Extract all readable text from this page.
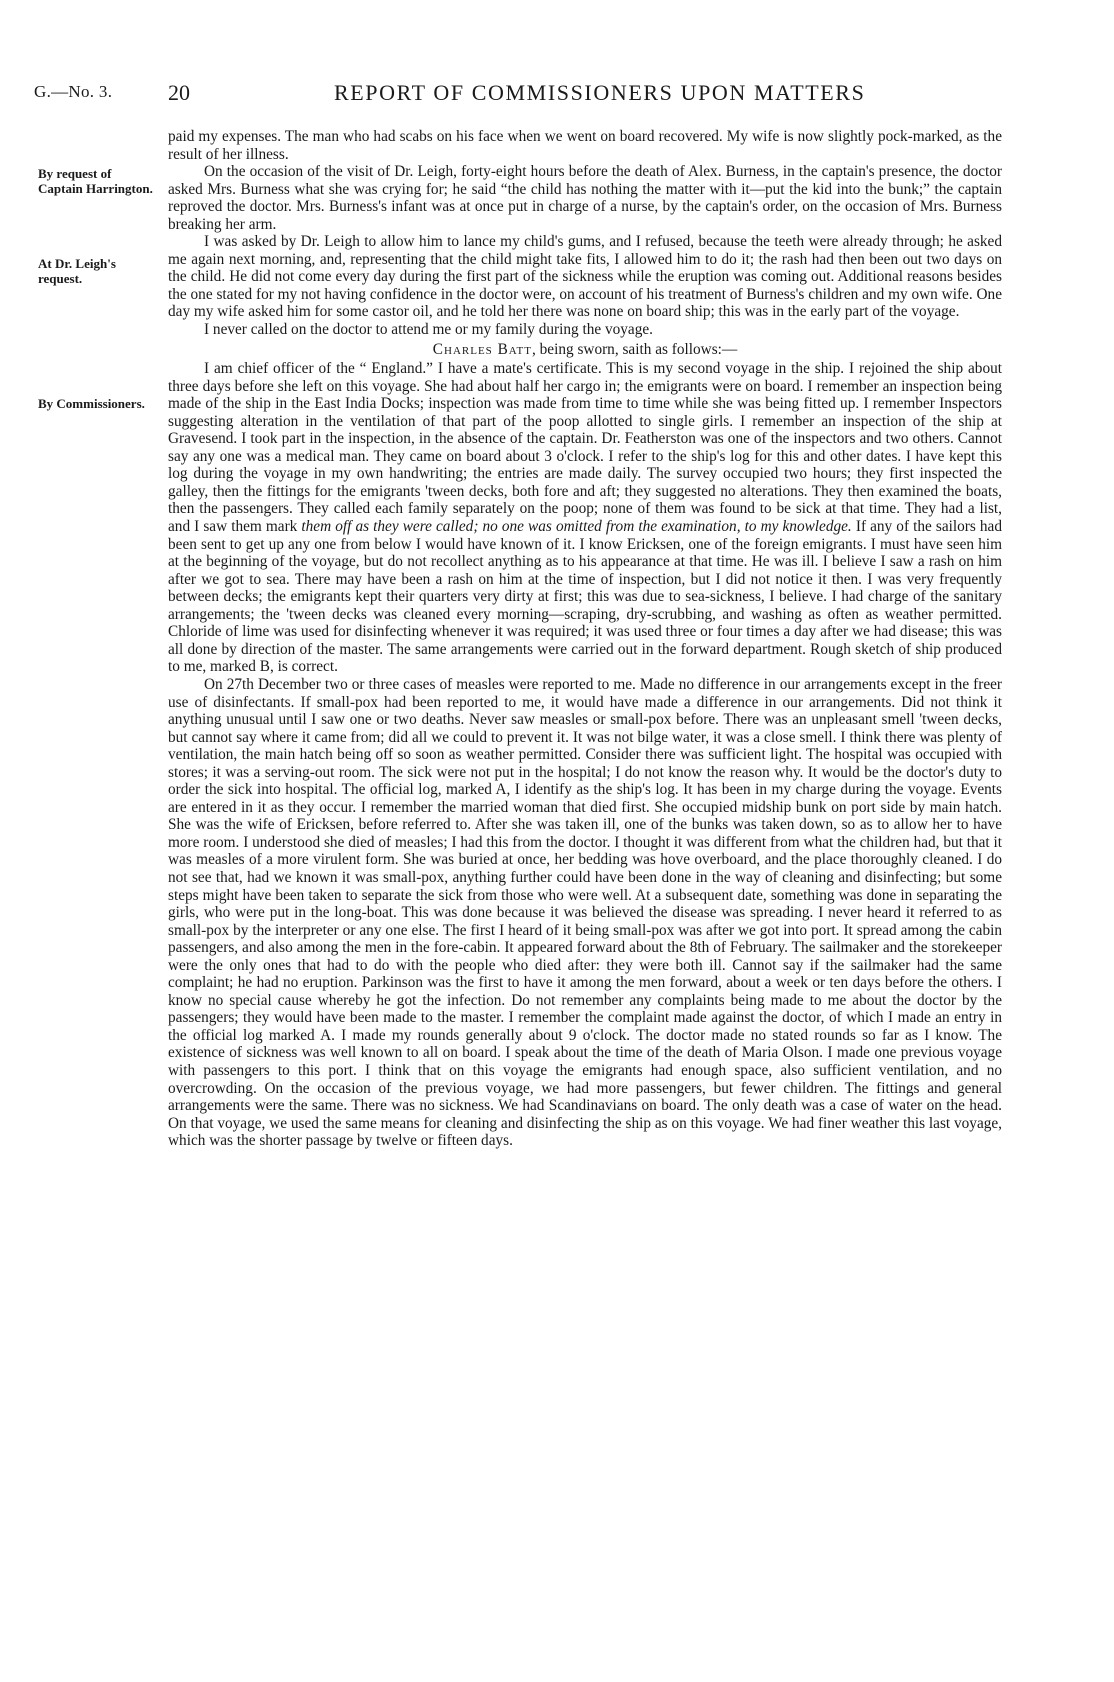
G.—No. 3.	20	REPORT OF COMMISSIONERS UPON MATTERS
By request of Captain Harrington.
At Dr. Leigh's request.
By Commissioners.

paid my expenses. The man who had scabs on his face when we went on board recovered. My wife is now slightly pock-marked, as the result of her illness.

On the occasion of the visit of Dr. Leigh, forty-eight hours before the death of Alex. Burness, in the captain's presence, the doctor asked Mrs. Burness what she was crying for; he said “the child has nothing the matter with it—put the kid into the bunk;” the captain reproved the doctor. Mrs. Burness's infant was at once put in charge of a nurse, by the captain's order, on the occasion of Mrs. Burness breaking her arm.

I was asked by Dr. Leigh to allow him to lance my child's gums, and I refused, because the teeth were already through; he asked me again next morning, and, representing that the child might take fits, I allowed him to do it; the rash had then been out two days on the child. He did not come every day during the first part of the sickness while the eruption was coming out. Additional reasons besides the one stated for my not having confidence in the doctor were, on account of his treatment of Burness's children and my own wife. One day my wife asked him for some castor oil, and he told her there was none on board ship; this was in the early part of the voyage.

I never called on the doctor to attend me or my family during the voyage.

Charles Batt, being sworn, saith as follows:—

I am chief officer of the “ England.” I have a mate's certificate. This is my second voyage in the ship. I rejoined the ship about three days before she left on this voyage. She had about half her cargo in; the emigrants were on board. I remember an inspection being made of the ship in the East India Docks; inspection was made from time to time while she was being fitted up. I remember Inspectors suggesting alteration in the ventilation of that part of the poop allotted to single girls. I remember an inspection of the ship at Gravesend. I took part in the inspection, in the absence of the captain. Dr. Featherston was one of the inspectors and two others. Cannot say any one was a medical man. They came on board about 3 o'clock. I refer to the ship's log for this and other dates. I have kept this log during the voyage in my own handwriting; the entries are made daily. The survey occupied two hours; they first inspected the galley, then the fittings for the emigrants 'tween decks, both fore and aft; they suggested no alterations. They then examined the boats, then the passengers. They called each family separately on the poop; none of them was found to be sick at that time. They had a list, and I saw them mark them off as they were called; no one was omitted from the examination, to my knowledge. If any of the sailors had been sent to get up any one from below I would have known of it. I know Ericksen, one of the foreign emigrants. I must have seen him at the beginning of the voyage, but do not recollect anything as to his appearance at that time. He was ill. I believe I saw a rash on him after we got to sea. There may have been a rash on him at the time of inspection, but I did not notice it then. I was very frequently between decks; the emigrants kept their quarters very dirty at first; this was due to sea-sickness, I believe. I had charge of the sanitary arrangements; the 'tween decks was cleaned every morning—scraping, dry-scrubbing, and washing as often as weather permitted. Chloride of lime was used for disinfecting whenever it was required; it was used three or four times a day after we had disease; this was all done by direction of the master. The same arrangements were carried out in the forward department. Rough sketch of ship produced to me, marked B, is correct.

On 27th December two or three cases of measles were reported to me. Made no difference in our arrangements except in the freer use of disinfectants. If small-pox had been reported to me, it would have made a difference in our arrangements. Did not think it anything unusual until I saw one or two deaths. Never saw measles or small-pox before. There was an unpleasant smell 'tween decks, but cannot say where it came from; did all we could to prevent it. It was not bilge water, it was a close smell. I think there was plenty of ventilation, the main hatch being off so soon as weather permitted. Consider there was sufficient light. The hospital was occupied with stores; it was a serving-out room. The sick were not put in the hospital; I do not know the reason why. It would be the doctor's duty to order the sick into hospital. The official log, marked A, I identify as the ship's log. It has been in my charge during the voyage. Events are entered in it as they occur. I remember the married woman that died first. She occupied midship bunk on port side by main hatch. She was the wife of Ericksen, before referred to. After she was taken ill, one of the bunks was taken down, so as to allow her to have more room. I understood she died of measles; I had this from the doctor. I thought it was different from what the children had, but that it was measles of a more virulent form. She was buried at once, her bedding was hove overboard, and the place thoroughly cleaned. I do not see that, had we known it was small-pox, anything further could have been done in the way of cleaning and disinfecting; but some steps might have been taken to separate the sick from those who were well. At a subsequent date, something was done in separating the girls, who were put in the long-boat. This was done because it was believed the disease was spreading. I never heard it referred to as small-pox by the interpreter or any one else. The first I heard of it being small-pox was after we got into port. It spread among the cabin passengers, and also among the men in the fore-cabin. It appeared forward about the 8th of February. The sailmaker and the storekeeper were the only ones that had to do with the people who died after: they were both ill. Cannot say if the sailmaker had the same complaint; he had no eruption. Parkinson was the first to have it among the men forward, about a week or ten days before the others. I know no special cause whereby he got the infection. Do not remember any complaints being made to me about the doctor by the passengers; they would have been made to the master. I remember the complaint made against the doctor, of which I made an entry in the official log marked A. I made my rounds generally about 9 o'clock. The doctor made no stated rounds so far as I know. The existence of sickness was well known to all on board. I speak about the time of the death of Maria Olson. I made one previous voyage with passengers to this port. I think that on this voyage the emigrants had enough space, also sufficient ventilation, and no overcrowding. On the occasion of the previous voyage, we had more passengers, but fewer children. The fittings and general arrangements were the same. There was no sickness. We had Scandinavians on board. The only death was a case of water on the head. On that voyage, we used the same means for cleaning and disinfecting the ship as on this voyage. We had finer weather this last voyage, which was the shorter passage by twelve or fifteen days.
